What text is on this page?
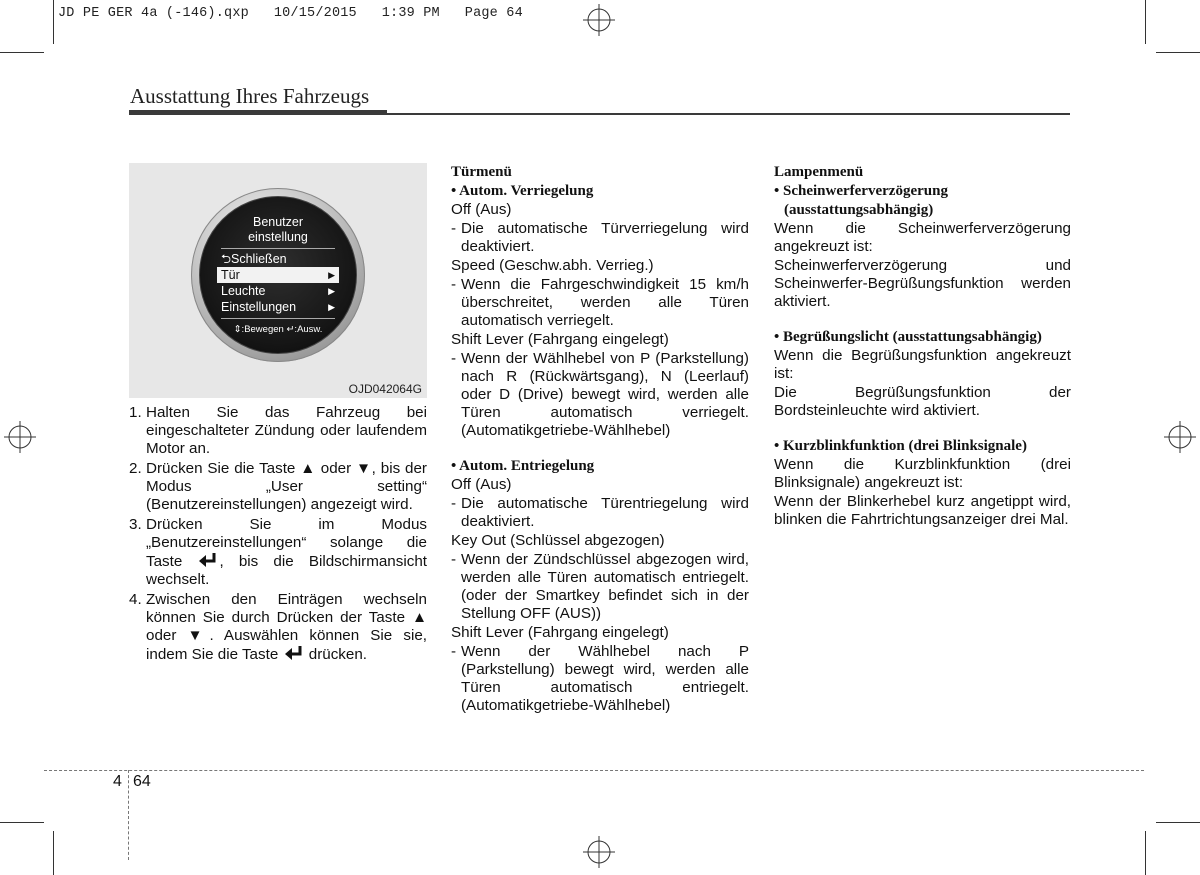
JD PE GER 4a (-146).qxp   10/15/2015   1:39 PM   Page 64
Ausstattung Ihres Fahrzeugs
Benutzer
einstellung
⮌Schließen
Tür	▶
Leuchte	▶
Einstellungen	▶
⇕:Bewegen ↵:Ausw.
OJD042064G
1. Halten Sie das Fahrzeug bei eingeschalteter Zündung oder laufendem Motor an.
2. Drücken Sie die Taste ▲ oder ▼, bis der Modus „User setting“ (Benutzereinstellungen) angezeigt wird.
3. Drücken Sie im Modus „Benutzereinstellungen“ solange die Taste , bis die Bildschirmansicht wechselt.
4. Zwischen den Einträgen wechseln können Sie durch Drücken der Taste ▲ oder ▼. Auswählen können Sie sie, indem Sie die Taste drücken.

Türmenü

• Autom. Verriegelung

Off (Aus)

- Die automatische Türverriegelung wird deaktiviert.

Speed (Geschw.abh. Verrieg.)

- Wenn die Fahrgeschwindigkeit 15 km/h überschreitet, werden alle Türen automatisch verriegelt.

Shift Lever (Fahrgang eingelegt)

- Wenn der Wählhebel von P (Parkstellung) nach R (Rückwärtsgang), N (Leerlauf) oder D (Drive) bewegt wird, werden alle Türen automatisch verriegelt. (Automatikgetriebe-Wählhebel)

• Autom. Entriegelung

Off (Aus)

- Die automatische Türentriegelung wird deaktiviert.

Key Out (Schlüssel abgezogen)

- Wenn der Zündschlüssel abgezogen wird, werden alle Türen automatisch entriegelt. (oder der Smartkey befindet sich in der Stellung OFF (AUS))

Shift Lever (Fahrgang eingelegt)

- Wenn der Wählhebel nach P (Parkstellung) bewegt wird, werden alle Türen automatisch entriegelt. (Automatikgetriebe-Wählhebel)

Lampenmenü

• Scheinwerferverzögerung

(ausstattungsabhängig)

Wenn die Scheinwerferverzögerung angekreuzt ist:

Scheinwerferverzögerung und Scheinwerfer-Begrüßungsfunktion werden aktiviert.

• Begrüßungslicht (ausstattungsabhängig)

Wenn die Begrüßungsfunktion angekreuzt ist:

Die Begrüßungsfunktion der Bordsteinleuchte wird aktiviert.

• Kurzblinkfunktion (drei Blinksignale)

Wenn die Kurzblinkfunktion (drei Blinksignale) angekreuzt ist:

Wenn der Blinkerhebel kurz angetippt wird, blinken die Fahrtrichtungsanzeiger drei Mal.

4 64
